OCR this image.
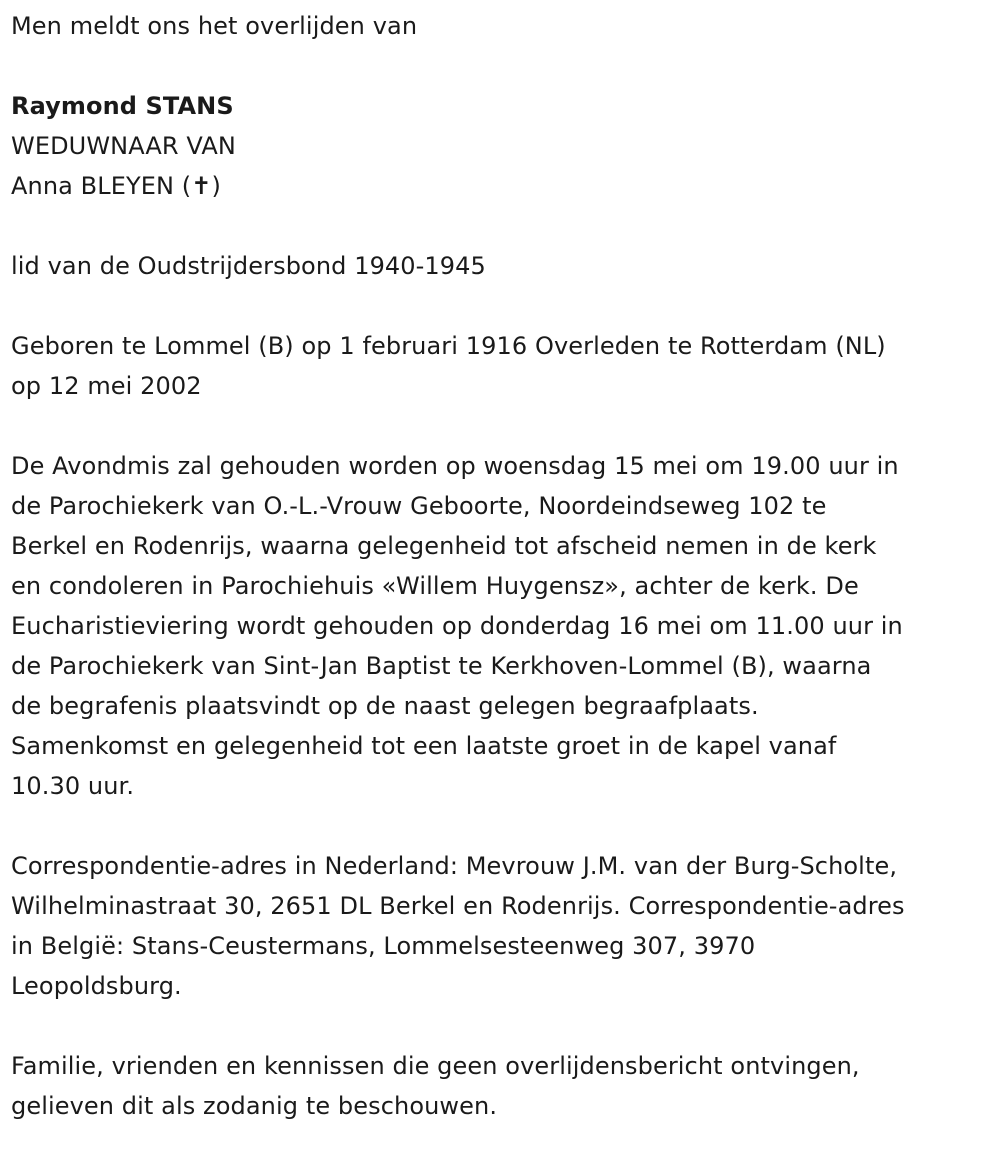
Men meldt ons het overlijden van

Raymond STANS

WEDUWNAAR VAN

Anna BLEYEN (✝)

lid van de Oudstrijdersbond 1940-1945

Geboren te Lommel (B) op 1 februari 1916 Overleden te Rotterdam (NL)

op 12 mei 2002

De Avondmis zal gehouden worden op woensdag 15 mei om 19.00 uur in

de Parochiekerk van O.-L.-Vrouw Geboorte, Noordeindseweg 102 te

Berkel en Rodenrijs, waarna gelegenheid tot afscheid nemen in de kerk

en condoleren in Parochiehuis «Willem Huygensz», achter de kerk. De

Eucharistieviering wordt gehouden op donderdag 16 mei om 11.00 uur in

de Parochiekerk van Sint-Jan Baptist te Kerkhoven-Lommel (B), waarna

de begrafenis plaatsvindt op de naast gelegen begraafplaats.

Samenkomst en gelegenheid tot een laatste groet in de kapel vanaf

10.30 uur.

Correspondentie-adres in Nederland: Mevrouw J.M. van der Burg-Scholte,

Wilhelminastraat 30, 2651 DL Berkel en Rodenrijs. Correspondentie-adres

in België: Stans-Ceustermans, Lommelsesteenweg 307, 3970

Leopoldsburg.

Familie, vrienden en kennissen die geen overlijdensbericht ontvingen,

gelieven dit als zodanig te beschouwen.
